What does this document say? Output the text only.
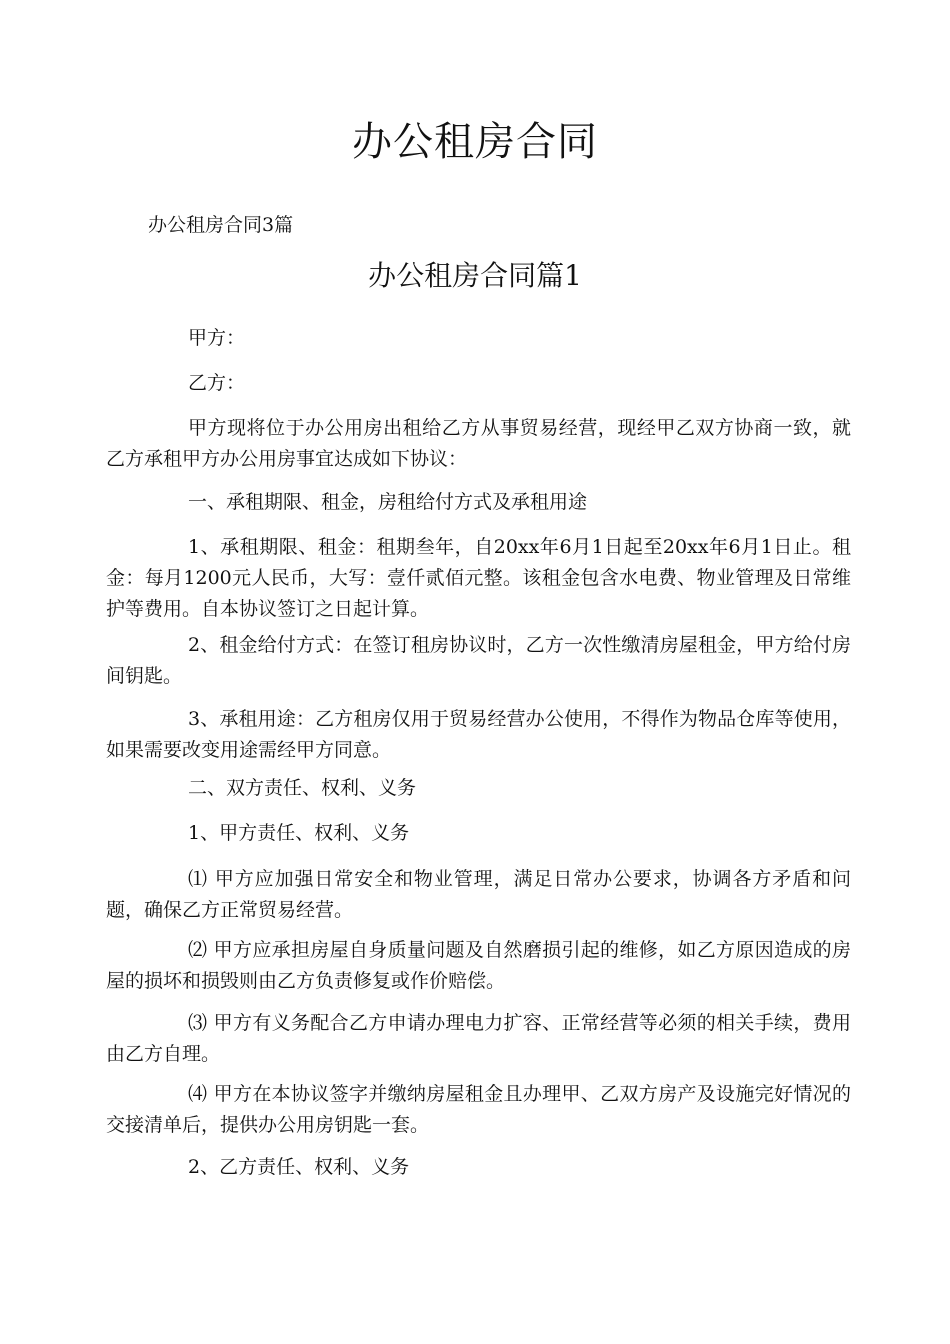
办公租房合同
办公租房合同3篇
办公租房合同篇1

甲方：

乙方：

甲方现将位于办公用房出租给乙方从事贸易经营，现经甲乙双方协商一致，就乙方承租甲方办公用房事宜达成如下协议：

一、承租期限、租金，房租给付方式及承租用途

1、承租期限、租金：租期叁年，自20xx年6月1日起至20xx年6月1日止。租金：每月1200元人民币，大写：壹仟贰佰元整。该租金包含水电费、物业管理及日常维护等费用。自本协议签订之日起计算。

2、租金给付方式：在签订租房协议时，乙方一次性缴清房屋租金，甲方给付房间钥匙。

3、承租用途：乙方租房仅用于贸易经营办公使用，不得作为物品仓库等使用，如果需要改变用途需经甲方同意。

二、双方责任、权利、义务

1、甲方责任、权利、义务

⑴ 甲方应加强日常安全和物业管理，满足日常办公要求，协调各方矛盾和问题，确保乙方正常贸易经营。

⑵ 甲方应承担房屋自身质量问题及自然磨损引起的维修，如乙方原因造成的房屋的损坏和损毁则由乙方负责修复或作价赔偿。

⑶ 甲方有义务配合乙方申请办理电力扩容、正常经营等必须的相关手续，费用由乙方自理。

⑷ 甲方在本协议签字并缴纳房屋租金且办理甲、乙双方房产及设施完好情况的交接清单后，提供办公用房钥匙一套。

2、乙方责任、权利、义务
